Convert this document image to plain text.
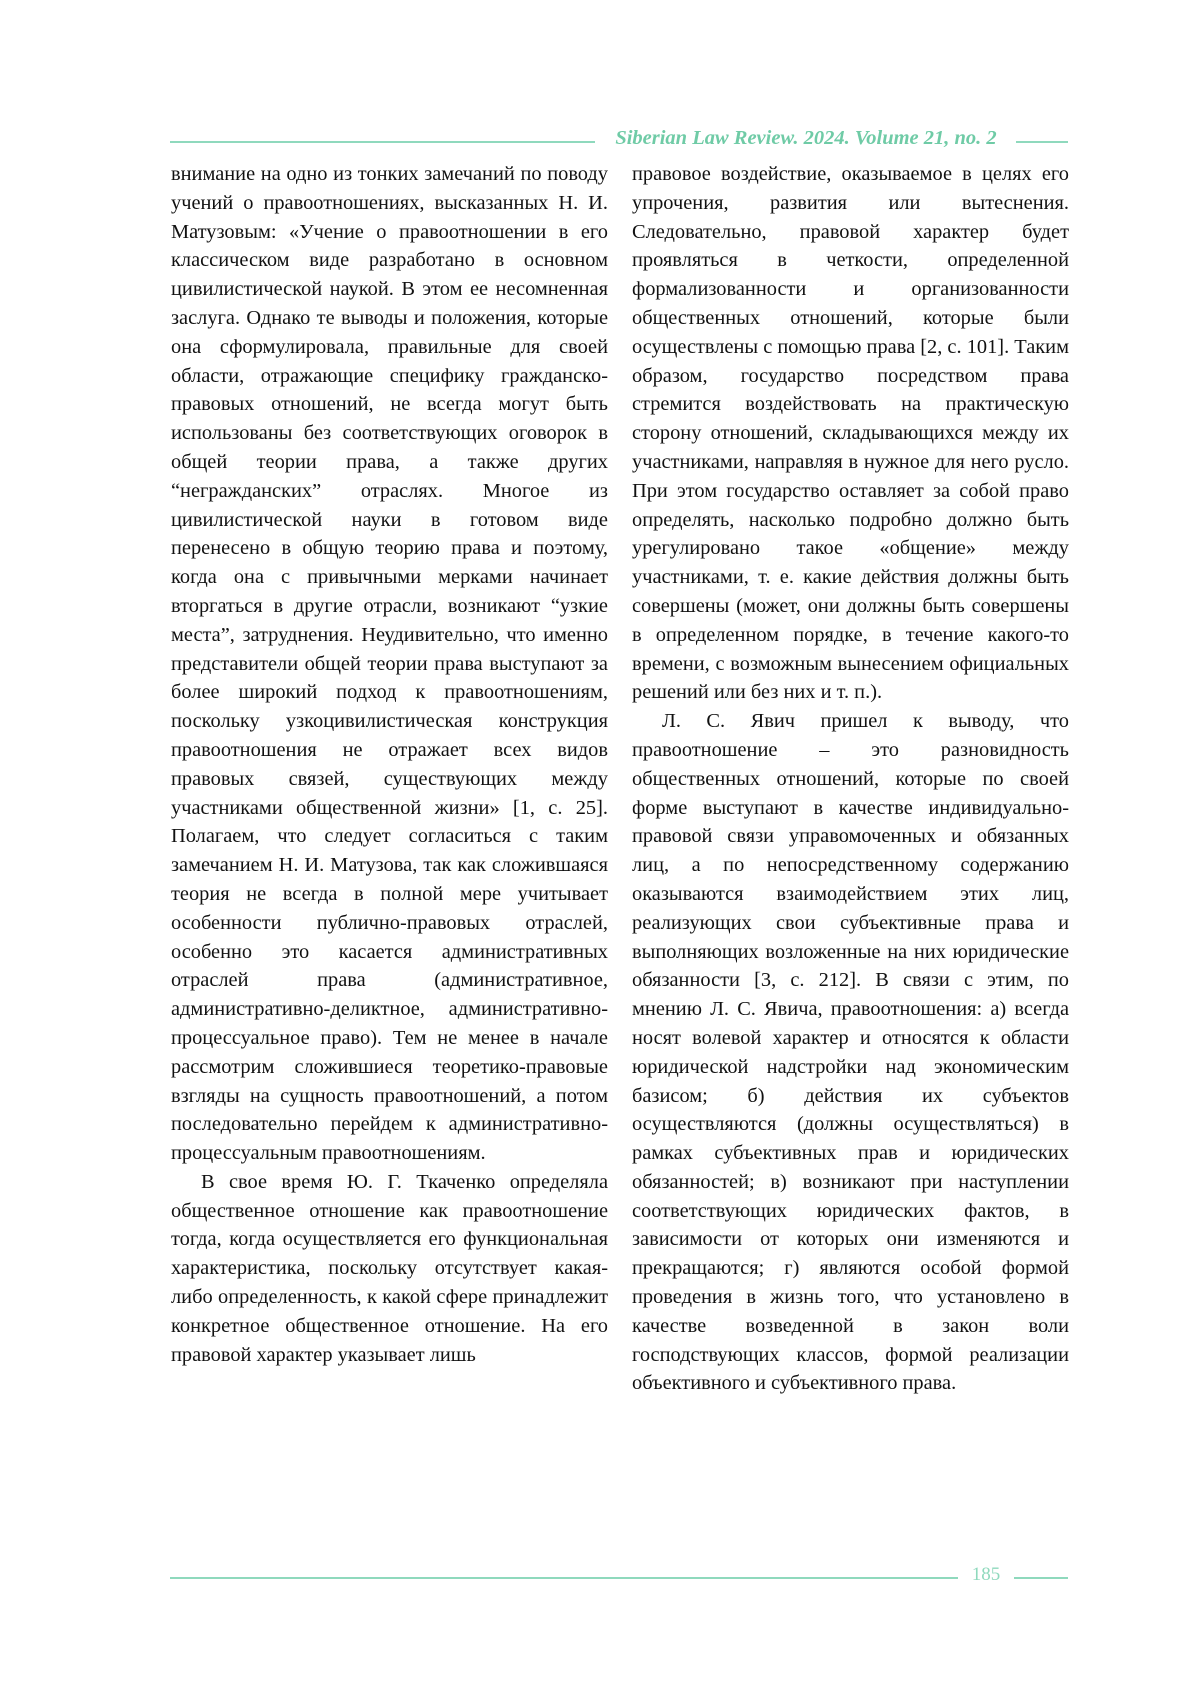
Siberian Law Review. 2024. Volume 21, no. 2

внимание на одно из тонких замечаний по поводу учений о правоотношениях, высказанных Н. И. Матузовым: «Учение о правоотношении в его классическом виде разработано в основном цивилистической наукой. В этом ее несомненная заслуга. Однако те выводы и положения, которые она сформулировала, правильные для своей области, отражающие специфику гражданско-правовых отношений, не всегда могут быть использованы без соответствующих оговорок в общей теории права, а также других “негражданских” отраслях. Многое из цивилистической науки в готовом виде перенесено в общую теорию права и поэтому, когда она с привычными мерками начинает вторгаться в другие отрасли, возникают “узкие места”, затруднения. Неудивительно, что именно представители общей теории права выступают за более широкий подход к правоотношениям, поскольку узкоцивилистическая конструкция правоотношения не отражает всех видов правовых связей, существующих между участниками общественной жизни» [1, с. 25]. Полагаем, что следует согласиться с таким замечанием Н. И. Матузова, так как сложившаяся теория не всегда в полной мере учитывает особенности публично-правовых отраслей, особенно это касается административных отраслей права (административное, административно-деликтное, административно-процессуальное право). Тем не менее в начале рассмотрим сложившиеся теоретико-правовые взгляды на сущность правоотношений, а потом последовательно перейдем к административно-процессуальным правоотношениям.

В свое время Ю. Г. Ткаченко определяла общественное отношение как правоотношение тогда, когда осуществляется его функциональная характеристика, поскольку отсутствует какая-либо определенность, к какой сфере принадлежит конкретное общественное отношение. На его правовой характер указывает лишь

правовое воздействие, оказываемое в целях его упрочения, развития или вытеснения. Следовательно, правовой характер будет проявляться в четкости, определенной формализованности и организованности общественных отношений, которые были осуществлены с помощью права [2, с. 101]. Таким образом, государство посредством права стремится воздействовать на практическую сторону отношений, складывающихся между их участниками, направляя в нужное для него русло. При этом государство оставляет за собой право определять, насколько подробно должно быть урегулировано такое «общение» между участниками, т. е. какие действия должны быть совершены (может, они должны быть совершены в определенном порядке, в течение какого-то времени, с возможным вынесением официальных решений или без них и т. п.).

Л. С. Явич пришел к выводу, что правоотношение – это разновидность общественных отношений, которые по своей форме выступают в качестве индивидуально-правовой связи управомоченных и обязанных лиц, а по непосредственному содержанию оказываются взаимодействием этих лиц, реализующих свои субъективные права и выполняющих возложенные на них юридические обязанности [3, с. 212]. В связи с этим, по мнению Л. С. Явича, правоотношения: а) всегда носят волевой характер и относятся к области юридической надстройки над экономическим базисом; б) действия их субъектов осуществляются (должны осуществляться) в рамках субъективных прав и юридических обязанностей; в) возникают при наступлении соответствующих юридических фактов, в зависимости от которых они изменяются и прекращаются; г) являются особой формой проведения в жизнь того, что установлено в качестве возведенной в закон воли господствующих классов, формой реализации объективного и субъективного права.

185
